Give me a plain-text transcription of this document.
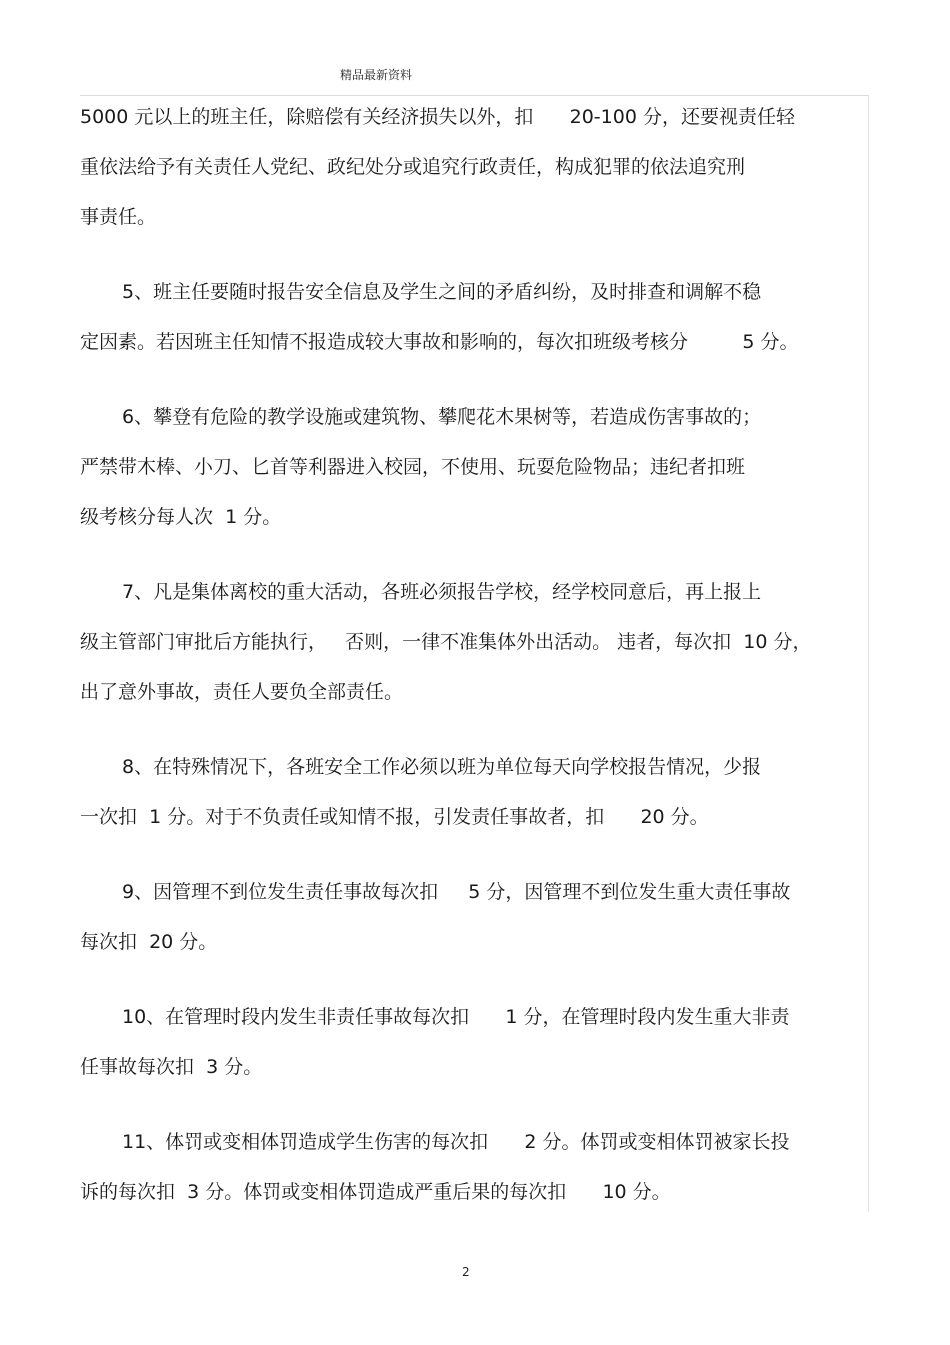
精品最新资料
5000 元以上的班主任，除赔偿有关经济损失以外，扣      20-100 分，还要视责任轻
重依法给予有关责任人党纪、政纪处分或追究行政责任，构成犯罪的依法追究刑
事责任。
5、班主任要随时报告安全信息及学生之间的矛盾纠纷，及时排查和调解不稳
定因素。若因班主任知情不报造成较大事故和影响的，每次扣班级考核分         5 分。
6、攀登有危险的教学设施或建筑物、攀爬花木果树等，若造成伤害事故的；
严禁带木棒、小刀、匕首等利器进入校园，不使用、玩耍危险物品；违纪者扣班
级考核分每人次  1 分。
7、凡是集体离校的重大活动，各班必须报告学校，经学校同意后，再上报上
级主管部门审批后方能执行，   否则，一律不准集体外出活动。 违者，每次扣  10 分，
出了意外事故，责任人要负全部责任。
8、在特殊情况下，各班安全工作必须以班为单位每天向学校报告情况，少报
一次扣  1 分。对于不负责任或知情不报，引发责任事故者，扣      20 分。
9、因管理不到位发生责任事故每次扣     5 分，因管理不到位发生重大责任事故
每次扣  20 分。
10、在管理时段内发生非责任事故每次扣      1 分，在管理时段内发生重大非责
任事故每次扣  3 分。
11、体罚或变相体罚造成学生伤害的每次扣      2 分。体罚或变相体罚被家长投
诉的每次扣  3 分。体罚或变相体罚造成严重后果的每次扣      10 分。
2
